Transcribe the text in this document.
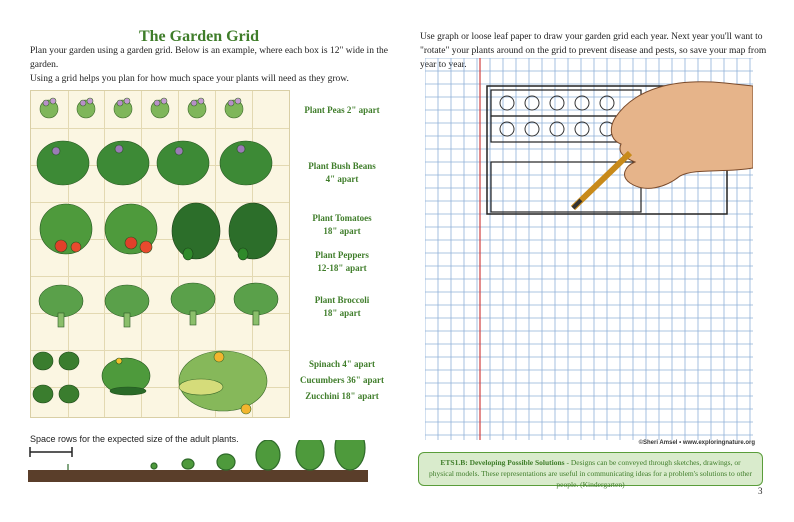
The Garden Grid
Plan your garden using a garden grid. Below is an example, where each box is 12" wide in the garden.
Using a grid helps you plan for how much space your plants will need as they grow.
Plant Peas 2" apart
Plant Bush Beans
4" apart
Plant Tomatoes
18" apart
Plant Peppers
12-18" apart
Plant Broccoli
18" apart
Spinach 4" apart
Cucumbers 36" apart
Zucchini 18" apart
Space rows for the expected size of the adult plants.
Use graph or loose leaf paper to draw your garden grid each year. Next year you'll want to "rotate" your plants around on the grid to prevent disease and pests, so save your map from year to year.
©Sheri Amsel • www.exploringnature.org
ETS1.B: Developing Possible Solutions - Designs can be conveyed through sketches, drawings, or physical models. These representations are useful in communicating ideas for a problem's solutions to other people. (Kindergarten)
3
